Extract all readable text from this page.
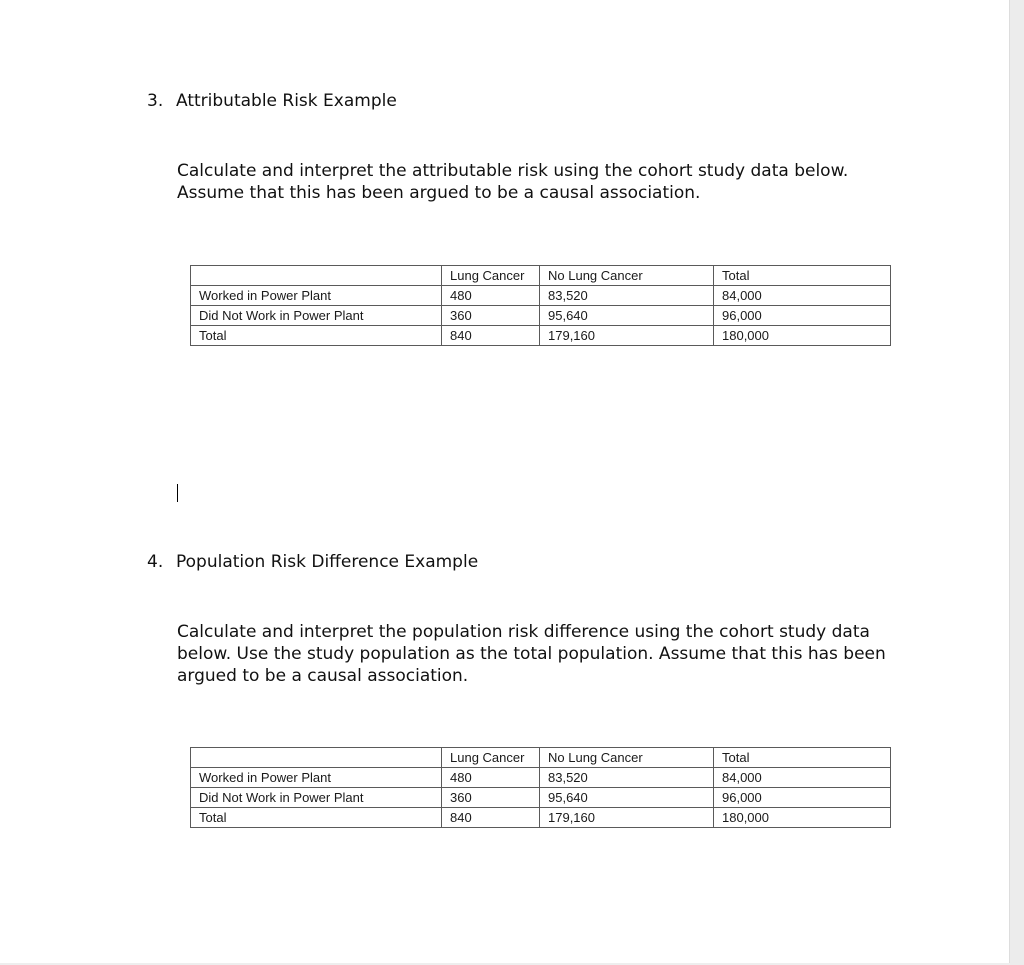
3. Attributable Risk Example
Calculate and interpret the attributable risk using the cohort study data below.
Assume that this has been argued to be a causal association.
	Lung Cancer	No Lung Cancer	Total
Worked in Power Plant	480	83,520	84,000
Did Not Work in Power Plant	360	95,640	96,000
Total	840	179,160	180,000
4. Population Risk Difference Example
Calculate and interpret the population risk difference using the cohort study data
below. Use the study population as the total population. Assume that this has been
argued to be a causal association.
	Lung Cancer	No Lung Cancer	Total
Worked in Power Plant	480	83,520	84,000
Did Not Work in Power Plant	360	95,640	96,000
Total	840	179,160	180,000
